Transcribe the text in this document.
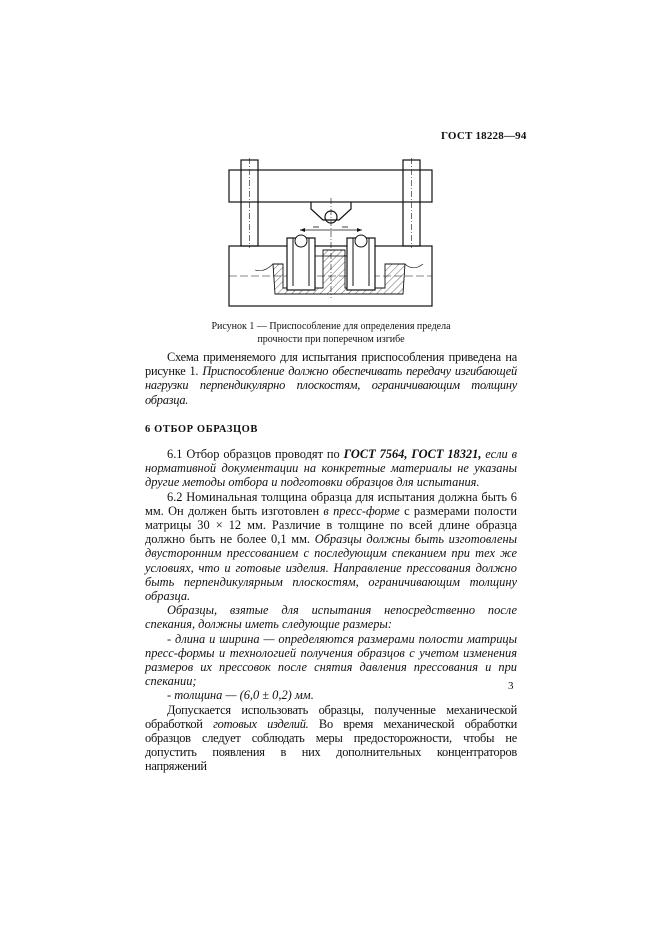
ГОСТ 18228—94
Рисунок 1 — Приспособление для определения предела
прочности при поперечном изгибе

Схема применяемого для испытания приспособления приведена на рисунке 1. Приспособление должно обеспечивать передачу изгибающей нагрузки перпендикулярно плоскостям, ограничивающим толщину образца.

6 ОТБОР ОБРАЗЦОВ

6.1 Отбор образцов проводят по ГОСТ 7564, ГОСТ 18321, если в нормативной документации на конкретные материалы не указаны другие методы отбора и подготовки образцов для испытания.

6.2 Номинальная толщина образца для испытания должна быть 6 мм. Он должен быть изготовлен в пресс-форме с размерами полости матрицы 30 × 12 мм. Различие в толщине по всей длине образца должно быть не более 0,1 мм. Образцы должны быть изготовлены двусторонним прессованием с последующим спеканием при тех же условиях, что и готовые изделия. Направление прессования должно быть перпендикулярным плоскостям, ограничивающим толщину образца.

Образцы, взятые для испытания непосредственно после спекания, должны иметь следующие размеры:

- длина и ширина — определяются размерами полости матрицы пресс-формы и технологией получения образцов с учетом изменения размеров их прессовок после снятия давления прессования и при спекании;

- толщина — (6,0 ± 0,2) мм.

Допускается использовать образцы, полученные механической обработкой готовых изделий. Во время механической обработки образцов следует соблюдать меры предосторожности, чтобы не допустить появления в них дополнительных концентраторов напряжений

3
